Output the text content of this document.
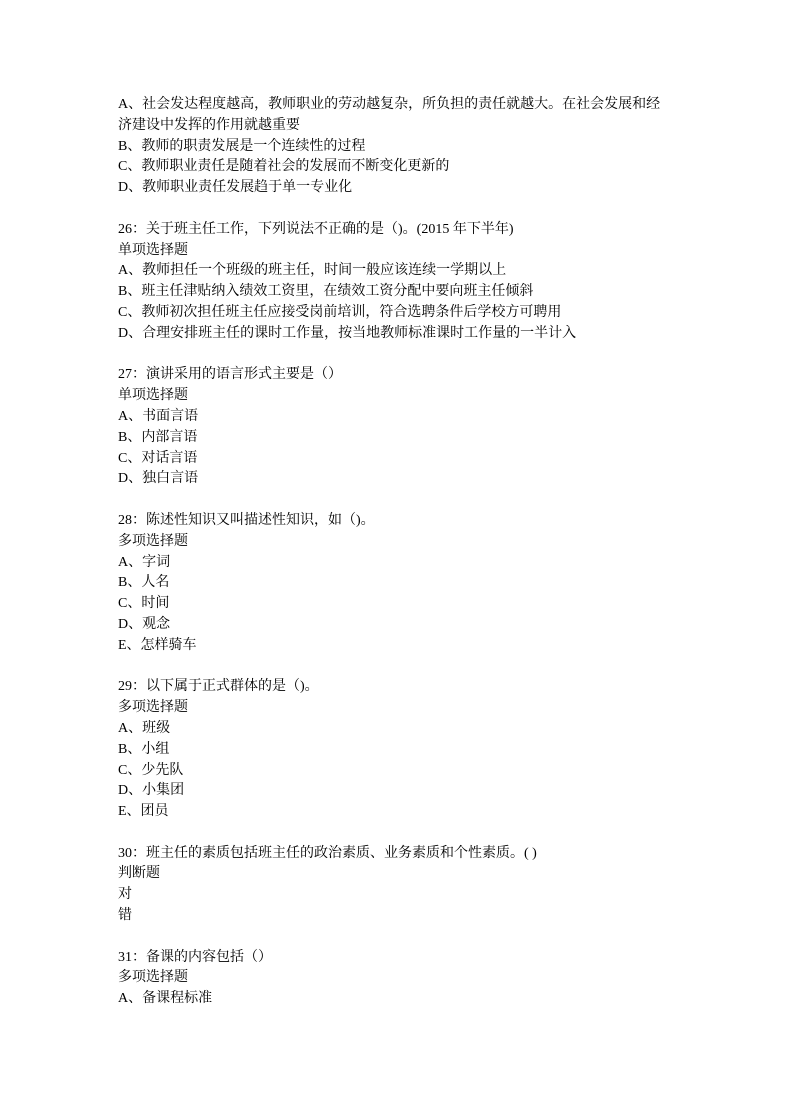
A、社会发达程度越高，教师职业的劳动越复杂，所负担的责任就越大。在社会发展和经济建设中发挥的作用就越重要

B、教师的职责发展是一个连续性的过程

C、教师职业责任是随着社会的发展而不断变化更新的

D、教师职业责任发展趋于单一专业化

26：关于班主任工作，下列说法不正确的是（)。(2015 年下半年)

单项选择题

A、教师担任一个班级的班主任，时间一般应该连续一学期以上

B、班主任津贴纳入绩效工资里，在绩效工资分配中要向班主任倾斜

C、教师初次担任班主任应接受岗前培训，符合选聘条件后学校方可聘用

D、合理安排班主任的课时工作量，按当地教师标准课时工作量的一半计入

27：演讲采用的语言形式主要是（）

单项选择题

A、书面言语

B、内部言语

C、对话言语

D、独白言语

28：陈述性知识又叫描述性知识，如（)。

多项选择题

A、字词

B、人名

C、时间

D、观念

E、怎样骑车

29：以下属于正式群体的是（)。

多项选择题

A、班级

B、小组

C、少先队

D、小集团

E、团员

30：班主任的素质包括班主任的政治素质、业务素质和个性素质。( )

判断题

对

错

31：备课的内容包括（）

多项选择题

A、备课程标准
